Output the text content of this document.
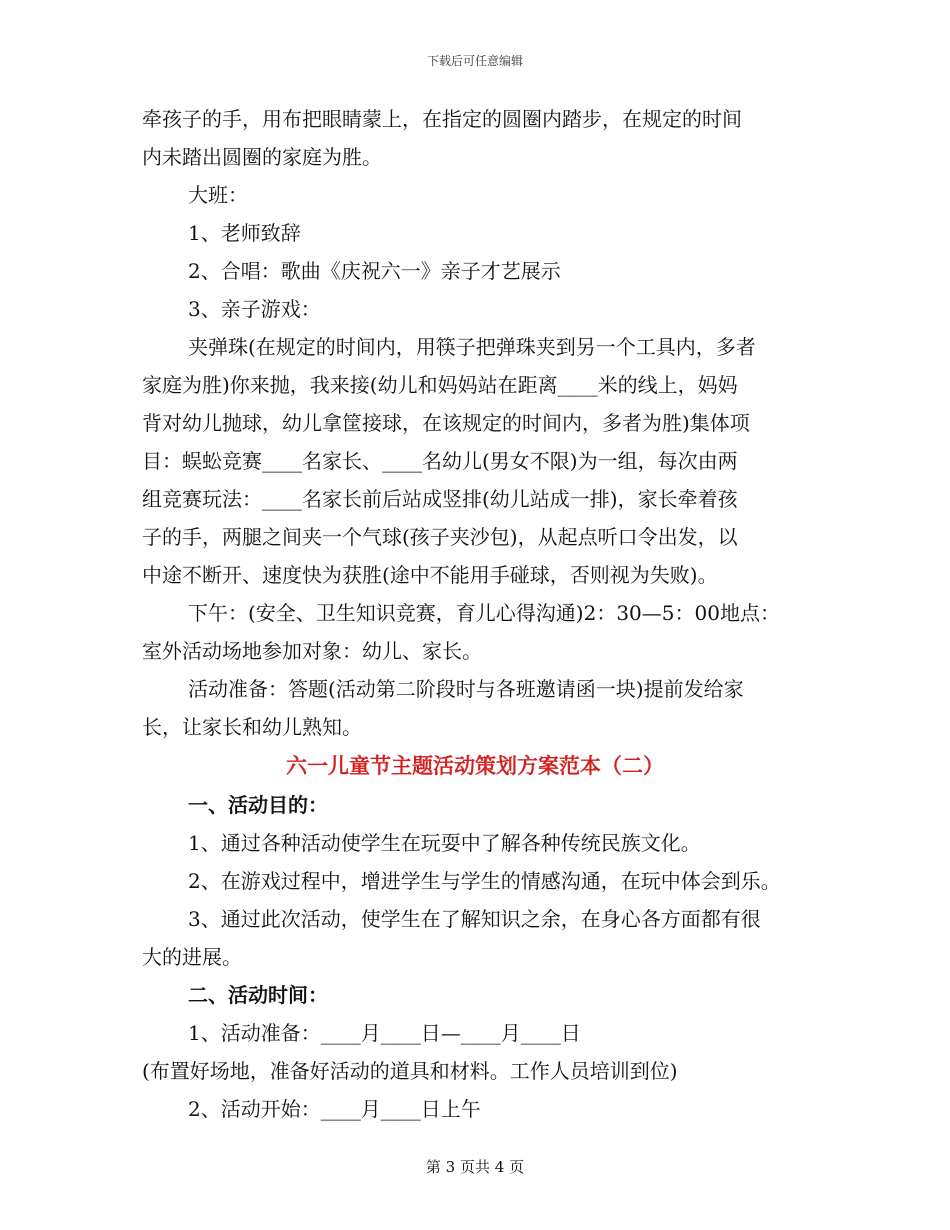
下载后可任意编辑
牵孩子的手，用布把眼睛蒙上，在指定的圆圈内踏步，在规定的时间
内未踏出圆圈的家庭为胜。
大班：
1、老师致辞
2、合唱：歌曲《庆祝六一》亲子才艺展示
3、亲子游戏：
夹弹珠(在规定的时间内，用筷子把弹珠夹到另一个工具内，多者
家庭为胜)你来抛，我来接(幼儿和妈妈站在距离____米的线上，妈妈
背对幼儿抛球，幼儿拿筐接球，在该规定的时间内，多者为胜)集体项
目：蜈蚣竞赛____名家长、____名幼儿(男女不限)为一组，每次由两
组竞赛玩法：____名家长前后站成竖排(幼儿站成一排)，家长牵着孩
子的手，两腿之间夹一个气球(孩子夹沙包)，从起点听口令出发，以
中途不断开、速度快为获胜(途中不能用手碰球，否则视为失败)。
下午：(安全、卫生知识竞赛，育儿心得沟通)2：30—5：00地点：
室外活动场地参加对象：幼儿、家长。
活动准备：答题(活动第二阶段时与各班邀请函一块)提前发给家
长，让家长和幼儿熟知。
六一儿童节主题活动策划方案范本（二）
一、活动目的：
1、通过各种活动使学生在玩耍中了解各种传统民族文化。
2、在游戏过程中，增进学生与学生的情感沟通，在玩中体会到乐。
3、通过此次活动，使学生在了解知识之余，在身心各方面都有很
大的进展。
二、活动时间：
1、活动准备：____月____日—____月____日
(布置好场地，准备好活动的道具和材料。工作人员培训到位)
2、活动开始：____月____日上午
第 3 页共 4 页
